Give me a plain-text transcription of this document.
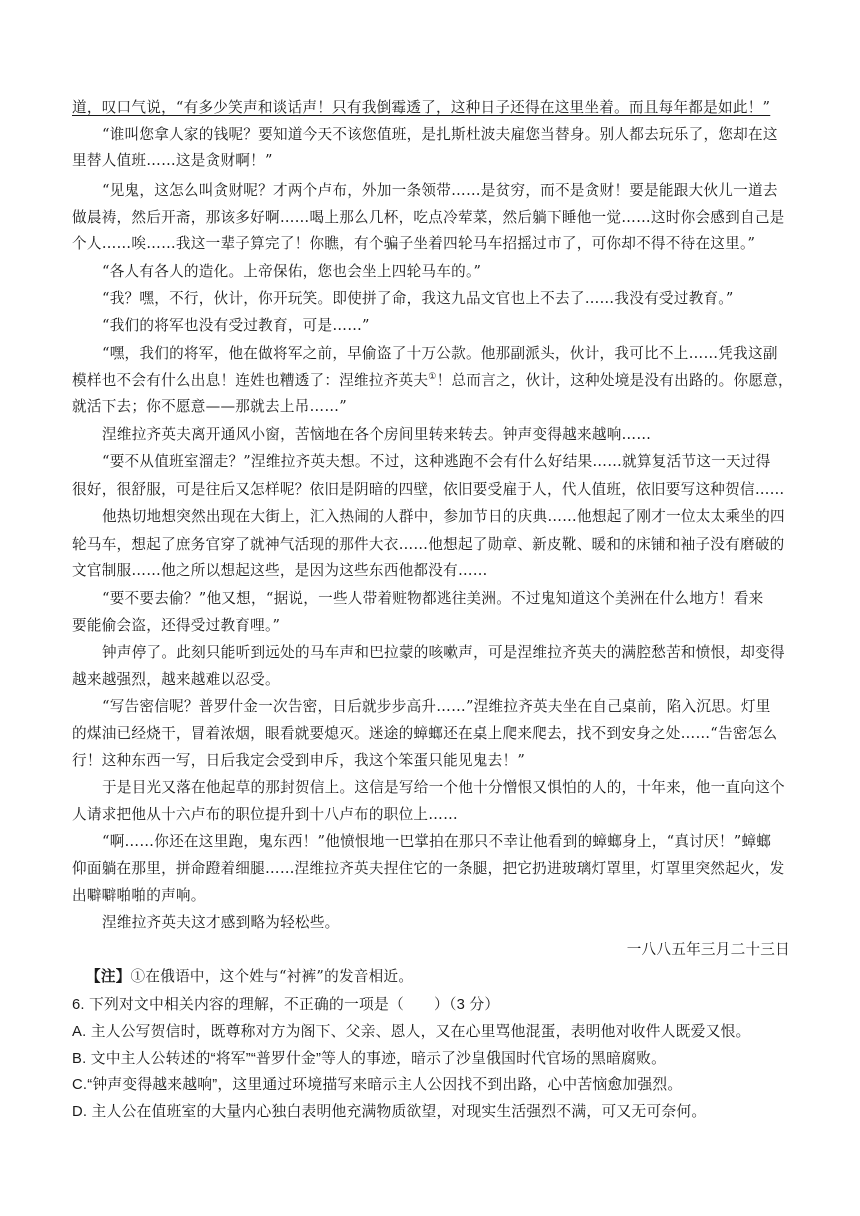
道，叹口气说，“有多少笑声和谈话声！只有我倒霉透了，这种日子还得在这里坐着。而且每年都是如此！”
“谁叫您拿人家的钱呢？要知道今天不该您值班，是扎斯杜波夫雇您当替身。别人都去玩乐了，您却在这
里替人值班……这是贪财啊！”
“见鬼，这怎么叫贪财呢？才两个卢布，外加一条领带……是贫穷，而不是贪财！要是能跟大伙儿一道去
做晨祷，然后开斋，那该多好啊……喝上那么几杯，吃点冷荤菜，然后躺下睡他一觉……这时你会感到自己是
个人……唉……我这一辈子算完了！你瞧，有个骗子坐着四轮马车招摇过市了，可你却不得不待在这里。”
“各人有各人的造化。上帝保佑，您也会坐上四轮马车的。”
“我？嘿，不行，伙计，你开玩笑。即使拼了命，我这九品文官也上不去了……我没有受过教育。”
“我们的将军也没有受过教育，可是……”
“嘿，我们的将军，他在做将军之前，早偷盗了十万公款。他那副派头，伙计，我可比不上……凭我这副
模样也不会有什么出息！连姓也糟透了：涅维拉齐英夫①！总而言之，伙计，这种处境是没有出路的。你愿意，
就活下去；你不愿意——那就去上吊……”
涅维拉齐英夫离开通风小窗，苦恼地在各个房间里转来转去。钟声变得越来越响……
“要不从值班室溜走？”涅维拉齐英夫想。不过，这种逃跑不会有什么好结果……就算复活节这一天过得
很好，很舒服，可是往后又怎样呢？依旧是阴暗的四壁，依旧要受雇于人，代人值班，依旧要写这种贺信……
他热切地想突然出现在大街上，汇入热闹的人群中，参加节日的庆典……他想起了刚才一位太太乘坐的四
轮马车，想起了庶务官穿了就神气活现的那件大衣……他想起了勋章、新皮靴、暖和的床铺和袖子没有磨破的
文官制服……他之所以想起这些，是因为这些东西他都没有……
“要不要去偷？”他又想，“据说，一些人带着赃物都逃往美洲。不过鬼知道这个美洲在什么地方！看来
要能偷会盗，还得受过教育哩。”
钟声停了。此刻只能听到远处的马车声和巴拉蒙的咳嗽声，可是涅维拉齐英夫的满腔愁苦和愤恨，却变得
越来越强烈，越来越难以忍受。
“写告密信呢？普罗什金一次告密，日后就步步高升……”涅维拉齐英夫坐在自己桌前，陷入沉思。灯里
的煤油已经烧干，冒着浓烟，眼看就要熄灭。迷途的蟑螂还在桌上爬来爬去，找不到安身之处……“告密怎么
行！这种东西一写，日后我定会受到申斥，我这个笨蛋只能见鬼去！”
于是目光又落在他起草的那封贺信上。这信是写给一个他十分憎恨又惧怕的人的，十年来，他一直向这个
人请求把他从十六卢布的职位提升到十八卢布的职位上……
“啊……你还在这里跑，鬼东西！”他愤恨地一巴掌拍在那只不幸让他看到的蟑螂身上，“真讨厌！”蟑螂
仰面躺在那里，拼命蹬着细腿……涅维拉齐英夫捏住它的一条腿，把它扔进玻璃灯罩里，灯罩里突然起火，发
出噼噼啪啪的声响。
涅维拉齐英夫这才感到略为轻松些。
一八八五年三月二十三日
【注】①在俄语中，这个姓与“衬裤”的发音相近。
6. 下列对文中相关内容的理解，不正确的一项是（　　）（3 分）
A. 主人公写贺信时，既尊称对方为阁下、父亲、恩人，又在心里骂他混蛋，表明他对收件人既爱又恨。
B. 文中主人公转述的“将军”“普罗什金”等人的事迹，暗示了沙皇俄国时代官场的黑暗腐败。
C.“钟声变得越来越响”，这里通过环境描写来暗示主人公因找不到出路，心中苦恼愈加强烈。
D. 主人公在值班室的大量内心独白表明他充满物质欲望，对现实生活强烈不满，可又无可奈何。
